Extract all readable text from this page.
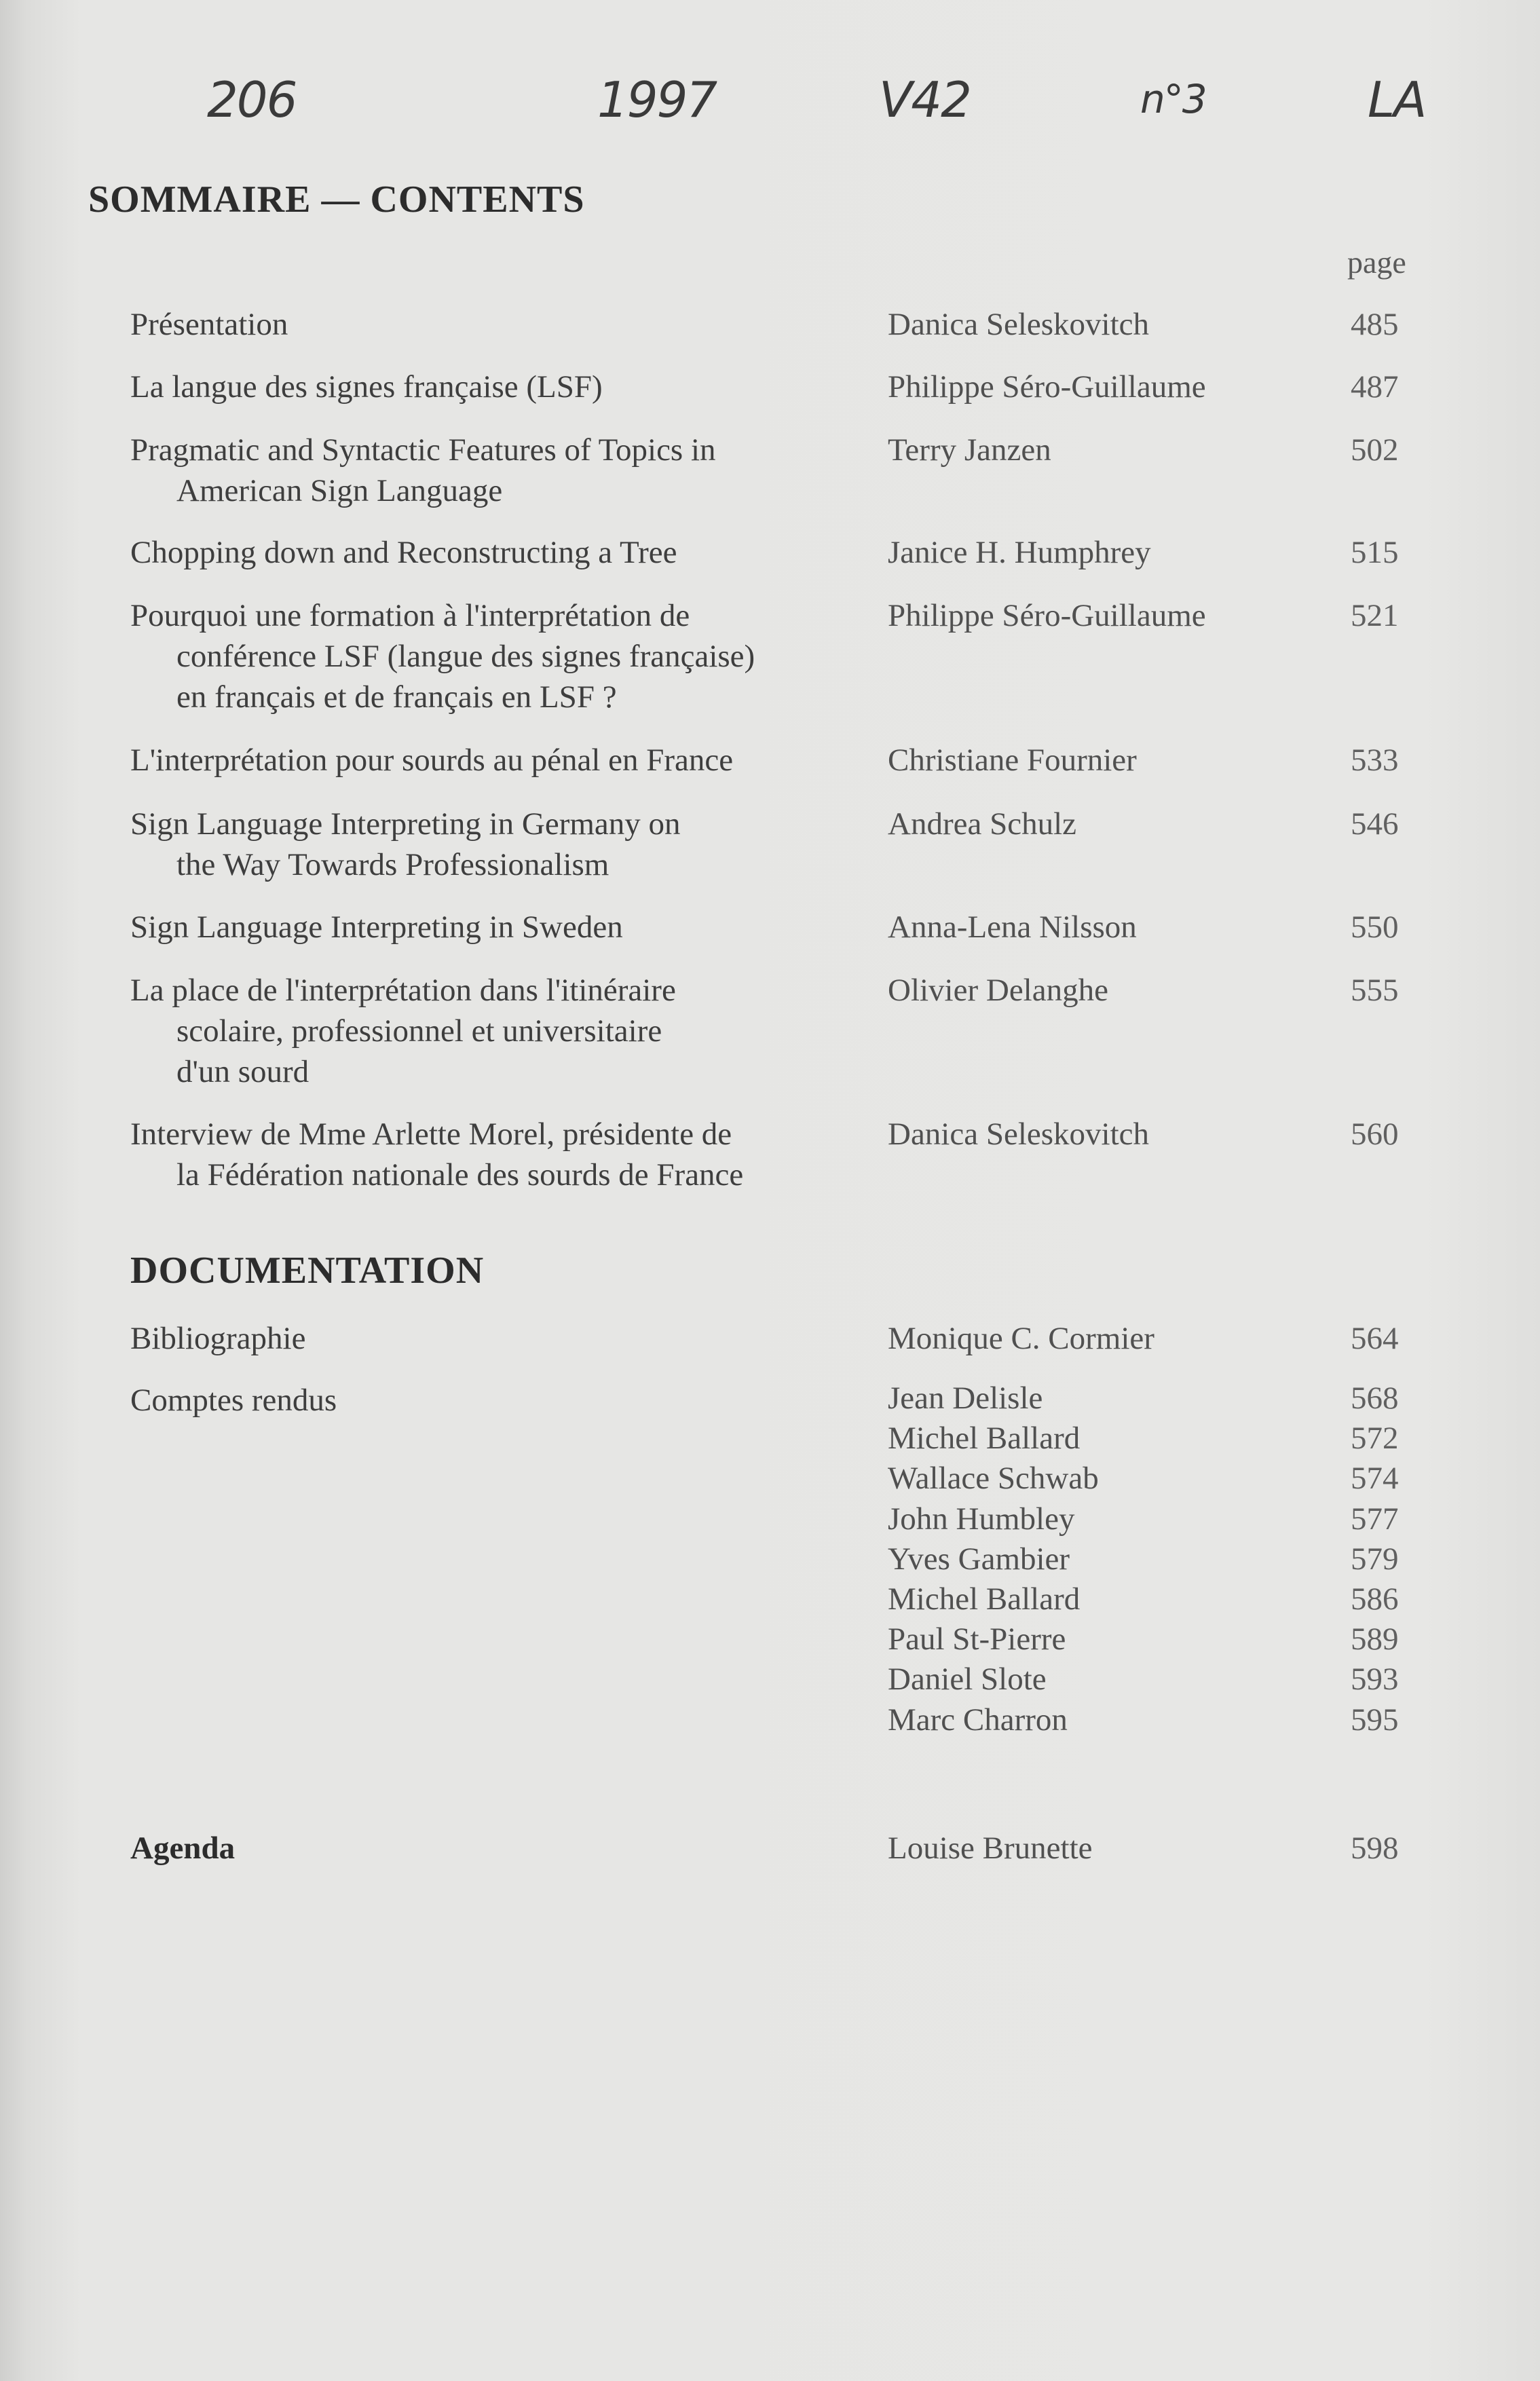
206	1997	V42	n°3	LA
SOMMAIRE — CONTENTS
page
Présentation	Danica Seleskovitch	485
La langue des signes française (LSF)	Philippe Séro-Guillaume	487
Pragmatic and Syntactic Features of Topics in
American Sign Language
Terry Janzen	502
Chopping down and Reconstructing a Tree	Janice H. Humphrey	515
Pourquoi une formation à l'interprétation de
conférence LSF (langue des signes française)
en français et de français en LSF ?
Philippe Séro-Guillaume	521
L'interprétation pour sourds au pénal en France	Christiane Fournier	533
Sign Language Interpreting in Germany on
the Way Towards Professionalism
Andrea Schulz	546
Sign Language Interpreting in Sweden	Anna-Lena Nilsson	550
La place de l'interprétation dans l'itinéraire
scolaire, professionnel et universitaire
d'un sourd
Olivier Delanghe	555
Interview de Mme Arlette Morel, présidente de
la Fédération nationale des sourds de France
Danica Seleskovitch	560
DOCUMENTATION
Bibliographie	Monique C. Cormier	564
Comptes rendus	Jean Delisle	568
Michel Ballard	572
Wallace Schwab	574
John Humbley	577
Yves Gambier	579
Michel Ballard	586
Paul St-Pierre	589
Daniel Slote	593
Marc Charron	595
Agenda	Louise Brunette	598
